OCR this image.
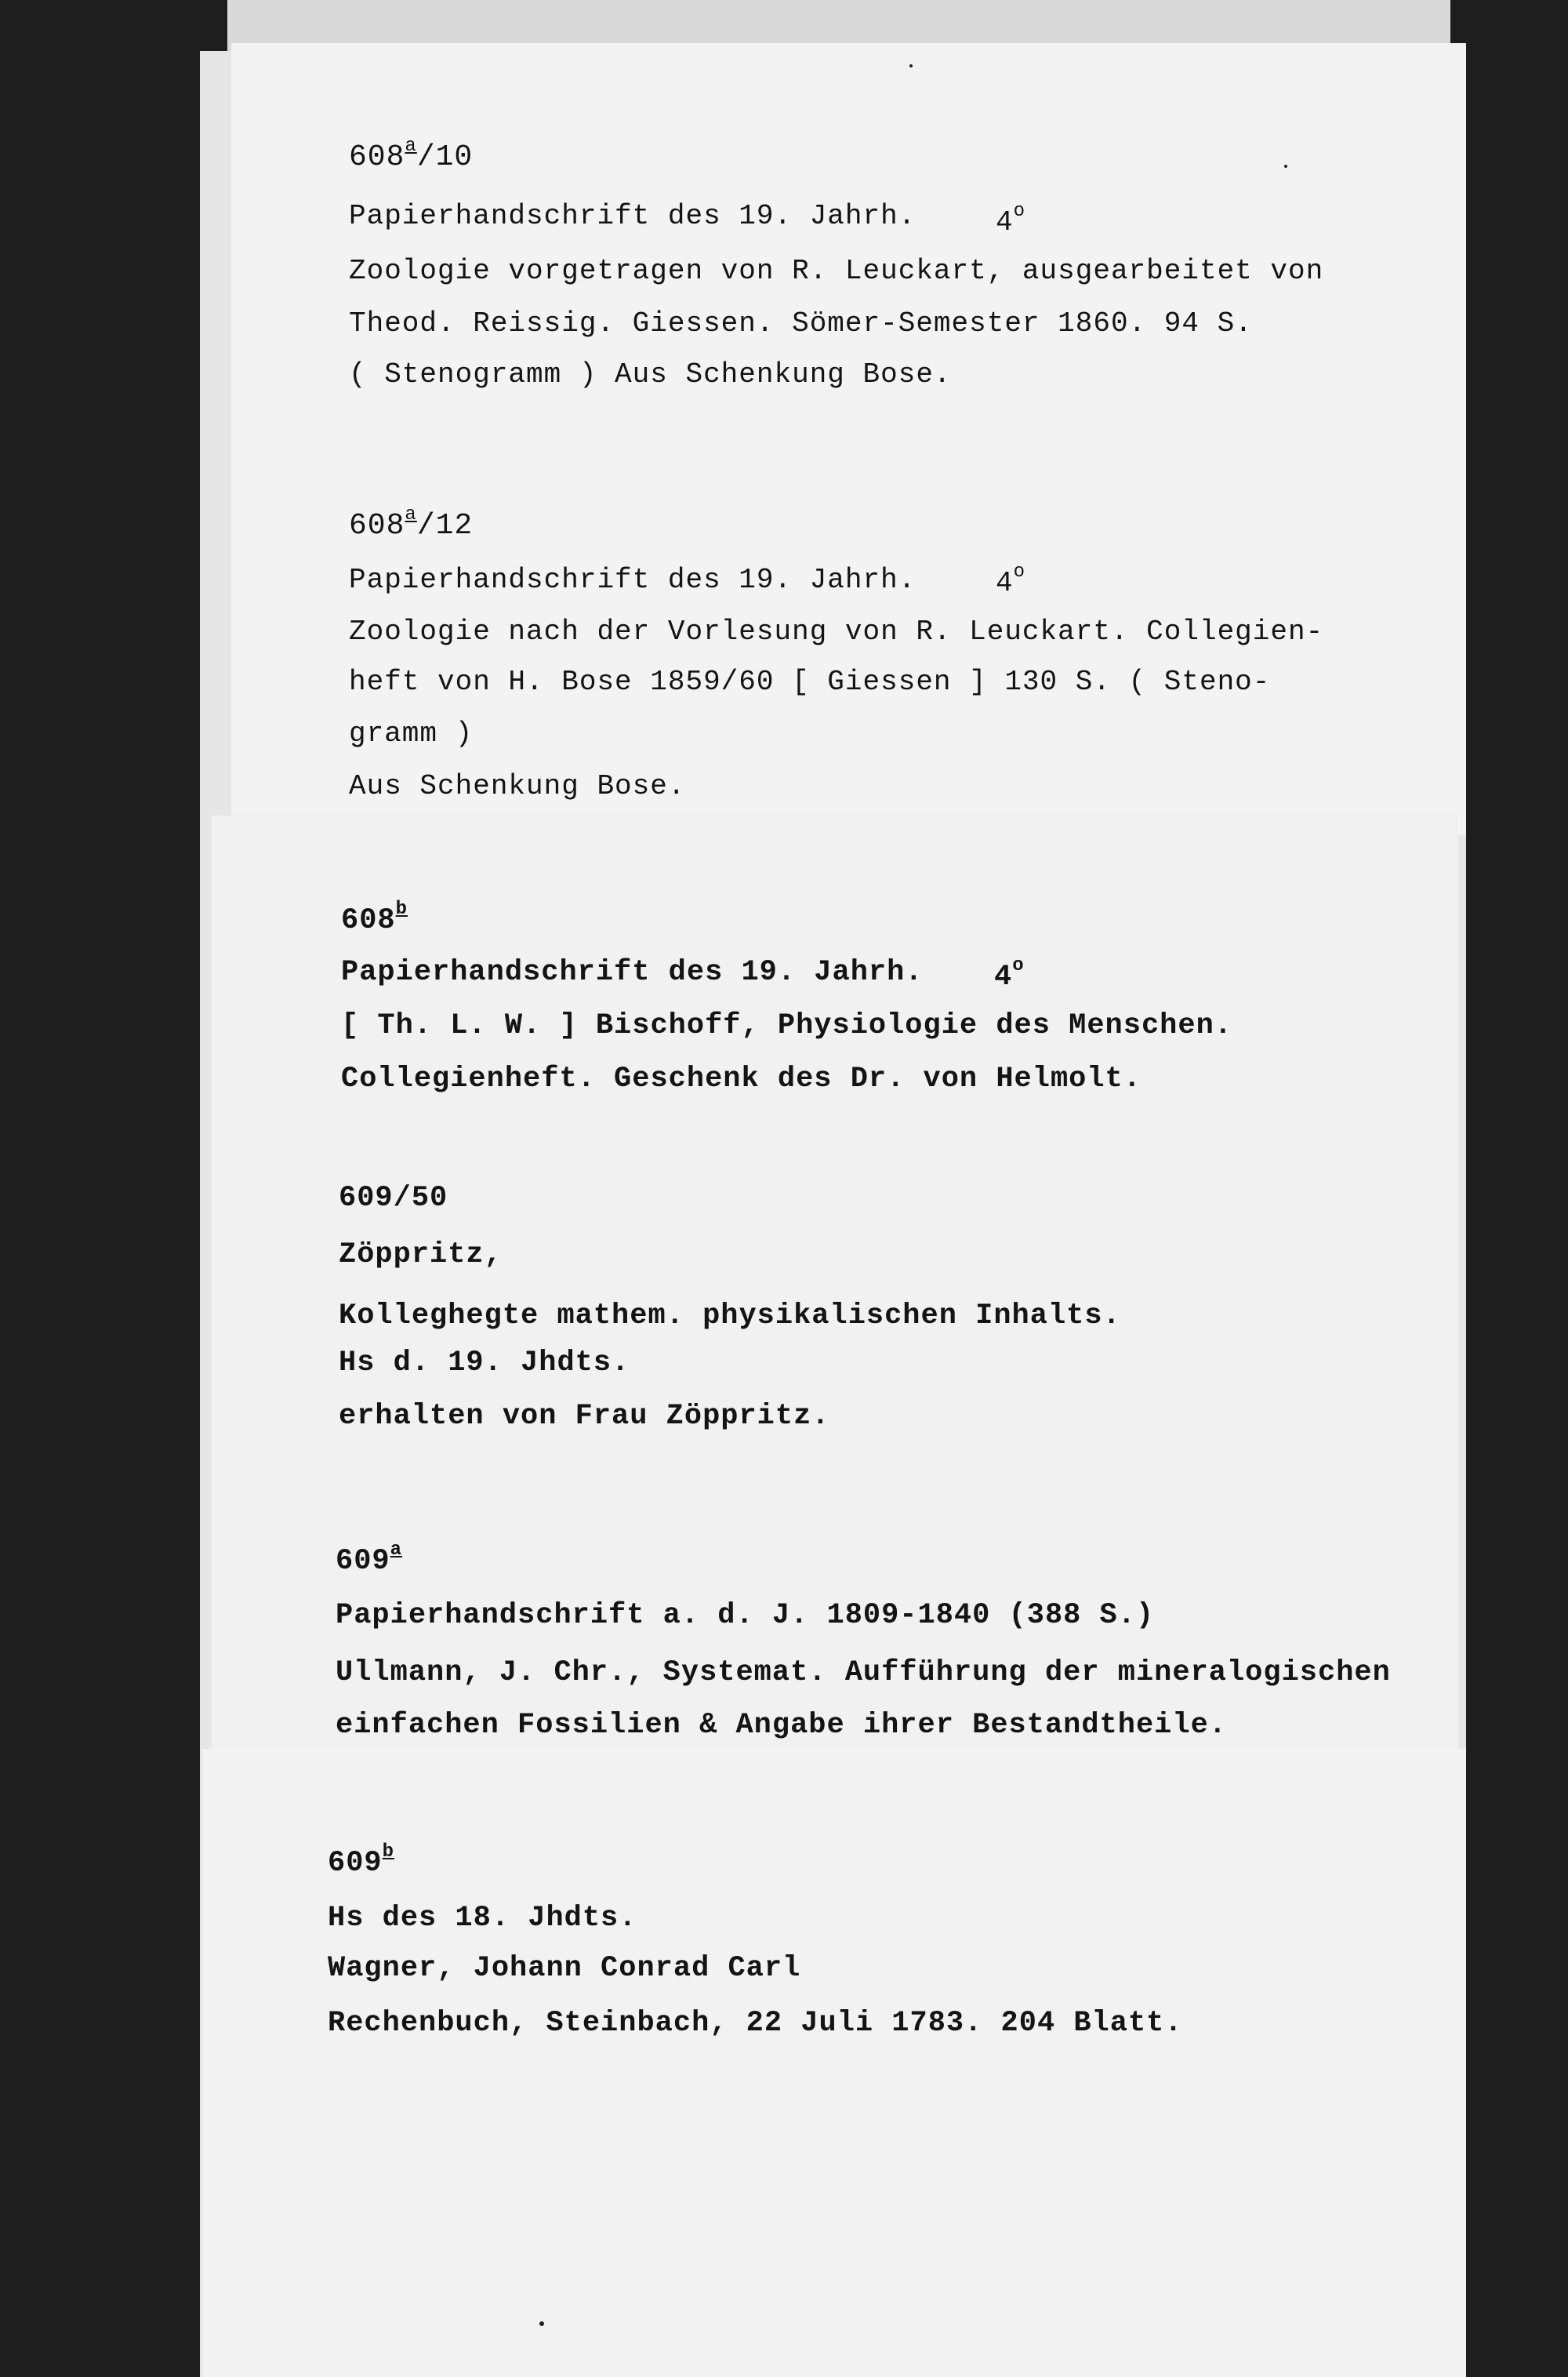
608$^a$/10
Papierhandschrift des 19. Jahrh.	4$^o$
Zoologie vorgetragen von R. Leuckart, ausgearbeitet von
Theod. Reissig. Giessen. Sömer-Semester 1860. 94 S.
( Stenogramm ) Aus Schenkung Bose.
608$^a$/12
Papierhandschrift des 19. Jahrh.	4$^o$
Zoologie nach der Vorlesung von R. Leuckart. Collegien-
heft von H. Bose 1859/60 [ Giessen ] 130 S. ( Steno-
gramm )
Aus Schenkung Bose.
608$^b$
Papierhandschrift des 19. Jahrh. 4$^o$
[ Th. L. W. ] Bischoff, Physiologie des Menschen.
Collegienheft. Geschenk des Dr. von Helmolt.
609/50
Zöppritz,
Kolleghegte mathem. physikalischen Inhalts.
Hs d. 19. Jhdts.
erhalten von Frau Zöppritz.
609$^a$
Papierhandschrift a. d. J. 1809-1840 (388 S.)
Ullmann, J. Chr., Systemat. Aufführung der mineralogischen
einfachen Fossilien & Angabe ihrer Bestandtheile.
609$^b$
Hs des 18. Jhdts.
Wagner, Johann Conrad Carl
Rechenbuch, Steinbach, 22 Juli 1783. 204 Blatt.
